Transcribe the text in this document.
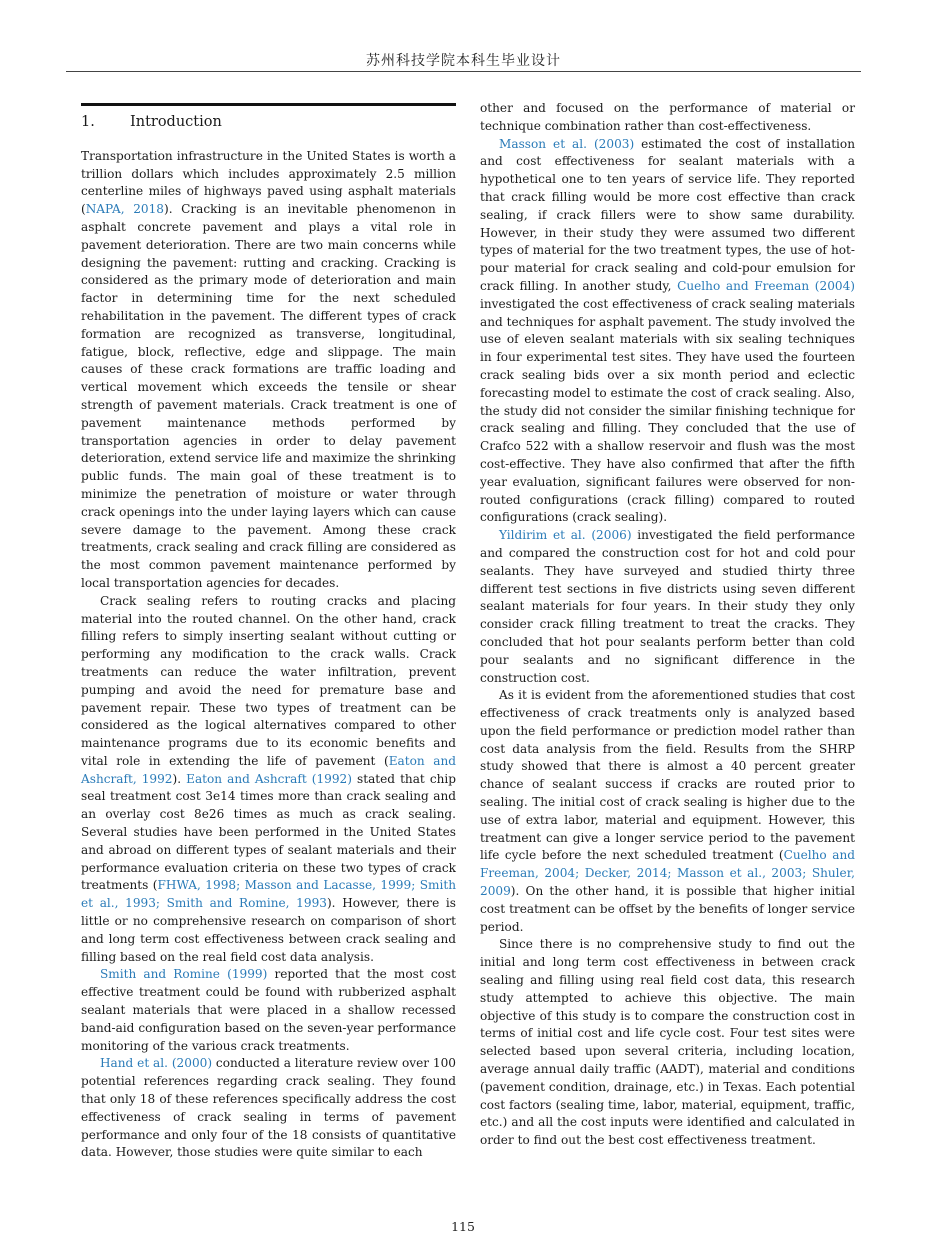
苏州科技学院本科生毕业设计
1. Introduction

Transportation infrastructure in the United States is worth a trillion dollars which includes approximately 2.5 million centerline miles of highways paved using asphalt materials (NAPA, 2018). Cracking is an inevitable phenomenon in asphalt concrete pavement and plays a vital role in pavement deterioration. There are two main concerns while designing the pavement: rutting and cracking. Cracking is considered as the primary mode of deterioration and main factor in determining time for the next scheduled rehabilitation in the pavement. The different types of crack formation are recognized as transverse, longitudinal, fatigue, block, reflective, edge and slippage. The main causes of these crack formations are traffic loading and vertical movement which exceeds the tensile or shear strength of pavement materials. Crack treatment is one of pavement maintenance methods performed by transportation agencies in order to delay pavement deterioration, extend service life and maximize the shrinking public funds. The main goal of these treatment is to minimize the penetration of moisture or water through crack openings into the under laying layers which can cause severe damage to the pavement. Among these crack treatments, crack sealing and crack filling are considered as the most common pavement maintenance performed by local transportation agencies for decades.

Crack sealing refers to routing cracks and placing material into the routed channel. On the other hand, crack filling refers to simply inserting sealant without cutting or performing any modification to the crack walls. Crack treatments can reduce the water infiltration, prevent pumping and avoid the need for premature base and pavement repair. These two types of treatment can be considered as the logical alternatives compared to other maintenance programs due to its economic benefits and vital role in extending the life of pavement (Eaton and Ashcraft, 1992). Eaton and Ashcraft (1992) stated that chip seal treatment cost 3e14 times more than crack sealing and an overlay cost 8e26 times as much as crack sealing. Several studies have been performed in the United States and abroad on different types of sealant materials and their performance evaluation criteria on these two types of crack treatments (FHWA, 1998; Masson and Lacasse, 1999; Smith et al., 1993; Smith and Romine, 1993). However, there is little or no comprehensive research on comparison of short and long term cost effectiveness between crack sealing and filling based on the real field cost data analysis.

Smith and Romine (1999) reported that the most cost effective treatment could be found with rubberized asphalt sealant materials that were placed in a shallow recessed band-aid configuration based on the seven-year performance monitoring of the various crack treatments.

Hand et al. (2000) conducted a literature review over 100 potential references regarding crack sealing. They found that only 18 of these references specifically address the cost effectiveness of crack sealing in terms of pavement performance and only four of the 18 consists of quantitative data. However, those studies were quite similar to each

other and focused on the performance of material or technique combination rather than cost-effectiveness.

Masson et al. (2003) estimated the cost of installation and cost effectiveness for sealant materials with a hypothetical one to ten years of service life. They reported that crack filling would be more cost effective than crack sealing, if crack fillers were to show same durability. However, in their study they were assumed two different types of material for the two treatment types, the use of hot-pour material for crack sealing and cold-pour emulsion for crack filling. In another study, Cuelho and Freeman (2004) investigated the cost effectiveness of crack sealing materials and techniques for asphalt pavement. The study involved the use of eleven sealant materials with six sealing techniques in four experimental test sites. They have used the fourteen crack sealing bids over a six month period and eclectic forecasting model to estimate the cost of crack sealing. Also, the study did not consider the similar finishing technique for crack sealing and filling. They concluded that the use of Crafco 522 with a shallow reservoir and flush was the most cost-effective. They have also confirmed that after the fifth year evaluation, significant failures were observed for non-routed configurations (crack filling) compared to routed configurations (crack sealing).

Yildirim et al. (2006) investigated the field performance and compared the construction cost for hot and cold pour sealants. They have surveyed and studied thirty three different test sections in five districts using seven different sealant materials for four years. In their study they only consider crack filling treatment to treat the cracks. They concluded that hot pour sealants perform better than cold pour sealants and no significant difference in the construction cost.

As it is evident from the aforementioned studies that cost effectiveness of crack treatments only is analyzed based upon the field performance or prediction model rather than cost data analysis from the field. Results from the SHRP study showed that there is almost a 40 percent greater chance of sealant success if cracks are routed prior to sealing. The initial cost of crack sealing is higher due to the use of extra labor, material and equipment. However, this treatment can give a longer service period to the pavement life cycle before the next scheduled treatment (Cuelho and Freeman, 2004; Decker, 2014; Masson et al., 2003; Shuler, 2009). On the other hand, it is possible that higher initial cost treatment can be offset by the benefits of longer service period.

Since there is no comprehensive study to find out the initial and long term cost effectiveness in between crack sealing and filling using real field cost data, this research study attempted to achieve this objective. The main objective of this study is to compare the construction cost in terms of initial cost and life cycle cost. Four test sites were selected based upon several criteria, including location, average annual daily traffic (AADT), material and conditions (pavement condition, drainage, etc.) in Texas. Each potential cost factors (sealing time, labor, material, equipment, traffic, etc.) and all the cost inputs were identified and calculated in order to find out the best cost effectiveness treatment.

115
